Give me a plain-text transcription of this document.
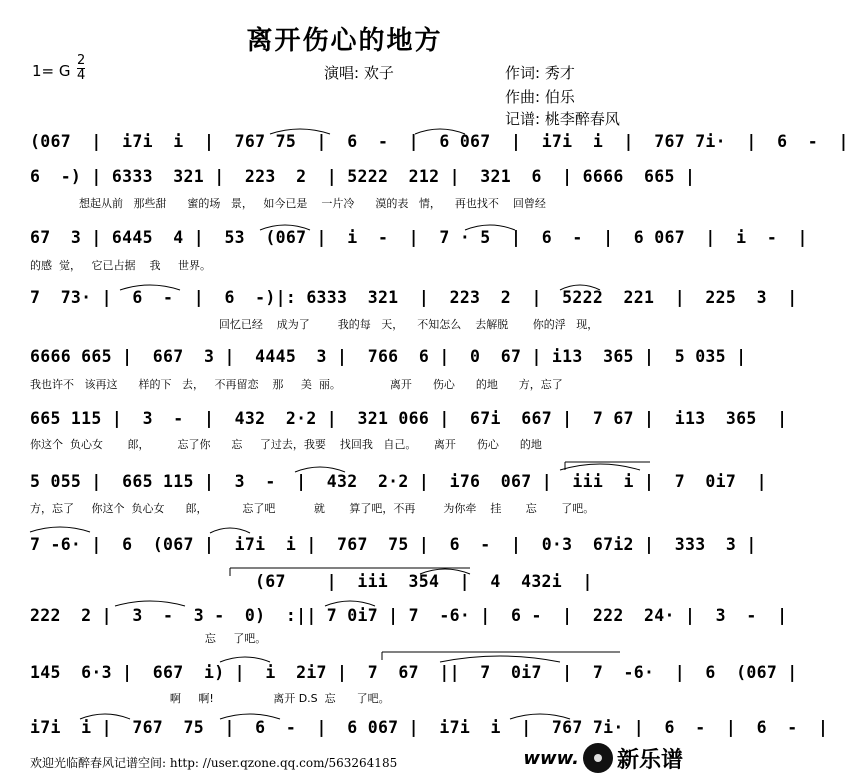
离开伤心的地方
1= G
2
4	演唱: 欢子	作词: 秀才
作曲: 伯乐
记谱: 桃李醉春风
(067  |  i7i  i  |  767 75  |  6  -  |  6 067  |  i7i  i  |  767 7i·  |  6  -  |
6  -) | 6333  321 |  223  2  | 5222  212 |  321  6  | 6666  665 |
想起从前   那些甜      蜜的场   景，   如今已是    一片冷      漠的表   情，    再也找不    回曾经
67  3 | 6445  4 |  53  (067 |  i  -  |  7 · 5  |  6  -  |  6 067  |  i  -  |
的感  觉，   它已占据    我     世界。
7  73· |  6  -  |  6  -)|: 6333  321  |  223  2  |  5222  221  |  225  3  |
回忆已经    成为了        我的每   天，    不知怎么    去解脱       你的浮   现，
6666 665 |  667  3 |  4445  3 |  766  6 |  0  67 | i13  365 |  5 035 |
我也许不   该再这      样的下   去，   不再留恋    那     美  丽。              离开      伤心      的地      方，忘了
665 115 |  3  -  |  432  2·2 |  321 066 |  67i  667 |  7 67 |  i13  365  |
你这个  负心女       郎，        忘了你      忘     了过去，我要    找回我   自己。     离开      伤心      的地
5 055 |  665 115 |  3  -  |  432  2·2 |  i76  067 |  iii  i |  7  0i7  |
方，忘了     你这个  负心女      郎，          忘了吧           就       算了吧，不再        为你牵    挂       忘       了吧。
7 -6· |  6  (067 |  i7i  i |  767  75 |  6  -  |  0·3  67i2 |  333  3 |
(67    |  iii  354  |  4  432i  |
222  2 |  3  -  3 -  0)  :|| 7 0i7 | 7  -6· |  6 -  |  222  24· |  3  -  |
忘     了吧。
145  6·3 |  667  i) |  i  2i7 |  7  67  ||  7  0i7  |  7  -6·  |  6  (067 |
啊     啊!                 离开 D.S  忘      了吧。
i7i  i |  767  75  |  6  -  |  6 067 |  i7i  i  |  767 7i· |  6  -  |  6  -  |
欢迎光临醉春风记谱空间: http: //user.qzone.qq.com/563264185	www. 新乐谱
